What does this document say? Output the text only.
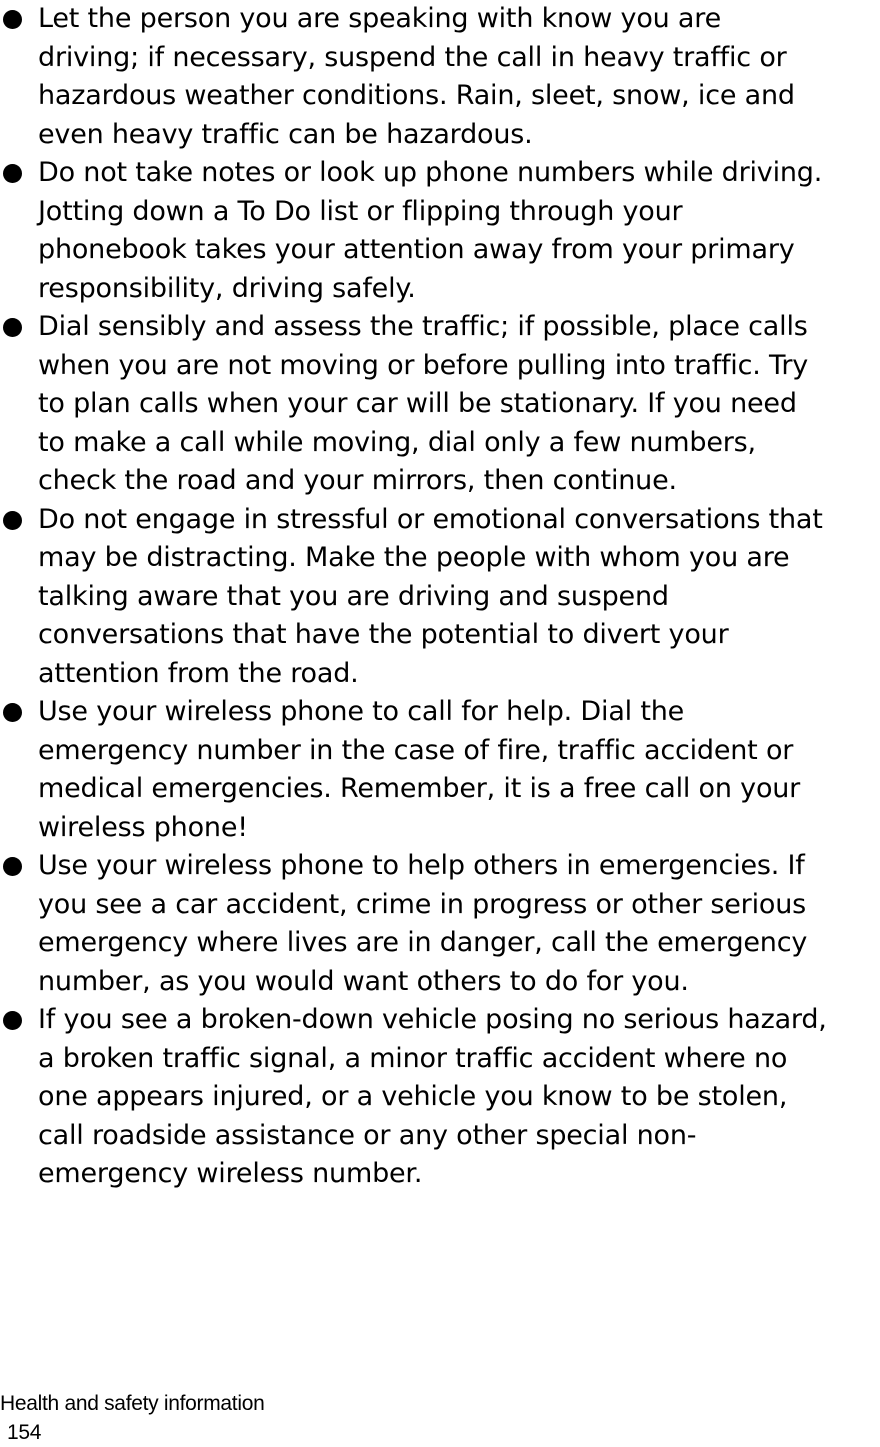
Let the person you are speaking with know you are
driving; if necessary, suspend the call in heavy traffic or
hazardous weather conditions. Rain, sleet, snow, ice and
even heavy traffic can be hazardous.
Do not take notes or look up phone numbers while driving.
Jotting down a To Do list or flipping through your
phonebook takes your attention away from your primary
responsibility, driving safely.
Dial sensibly and assess the traffic; if possible, place calls
when you are not moving or before pulling into traffic. Try
to plan calls when your car will be stationary. If you need
to make a call while moving, dial only a few numbers,
check the road and your mirrors, then continue.
Do not engage in stressful or emotional conversations that
may be distracting. Make the people with whom you are
talking aware that you are driving and suspend
conversations that have the potential to divert your
attention from the road.
Use your wireless phone to call for help. Dial the
emergency number in the case of fire, traffic accident or
medical emergencies. Remember, it is a free call on your
wireless phone!
Use your wireless phone to help others in emergencies. If
you see a car accident, crime in progress or other serious
emergency where lives are in danger, call the emergency
number, as you would want others to do for you.
If you see a broken-down vehicle posing no serious hazard,
a broken traffic signal, a minor traffic accident where no
one appears injured, or a vehicle you know to be stolen,
call roadside assistance or any other special non-
emergency wireless number.
Health and safety information
154
